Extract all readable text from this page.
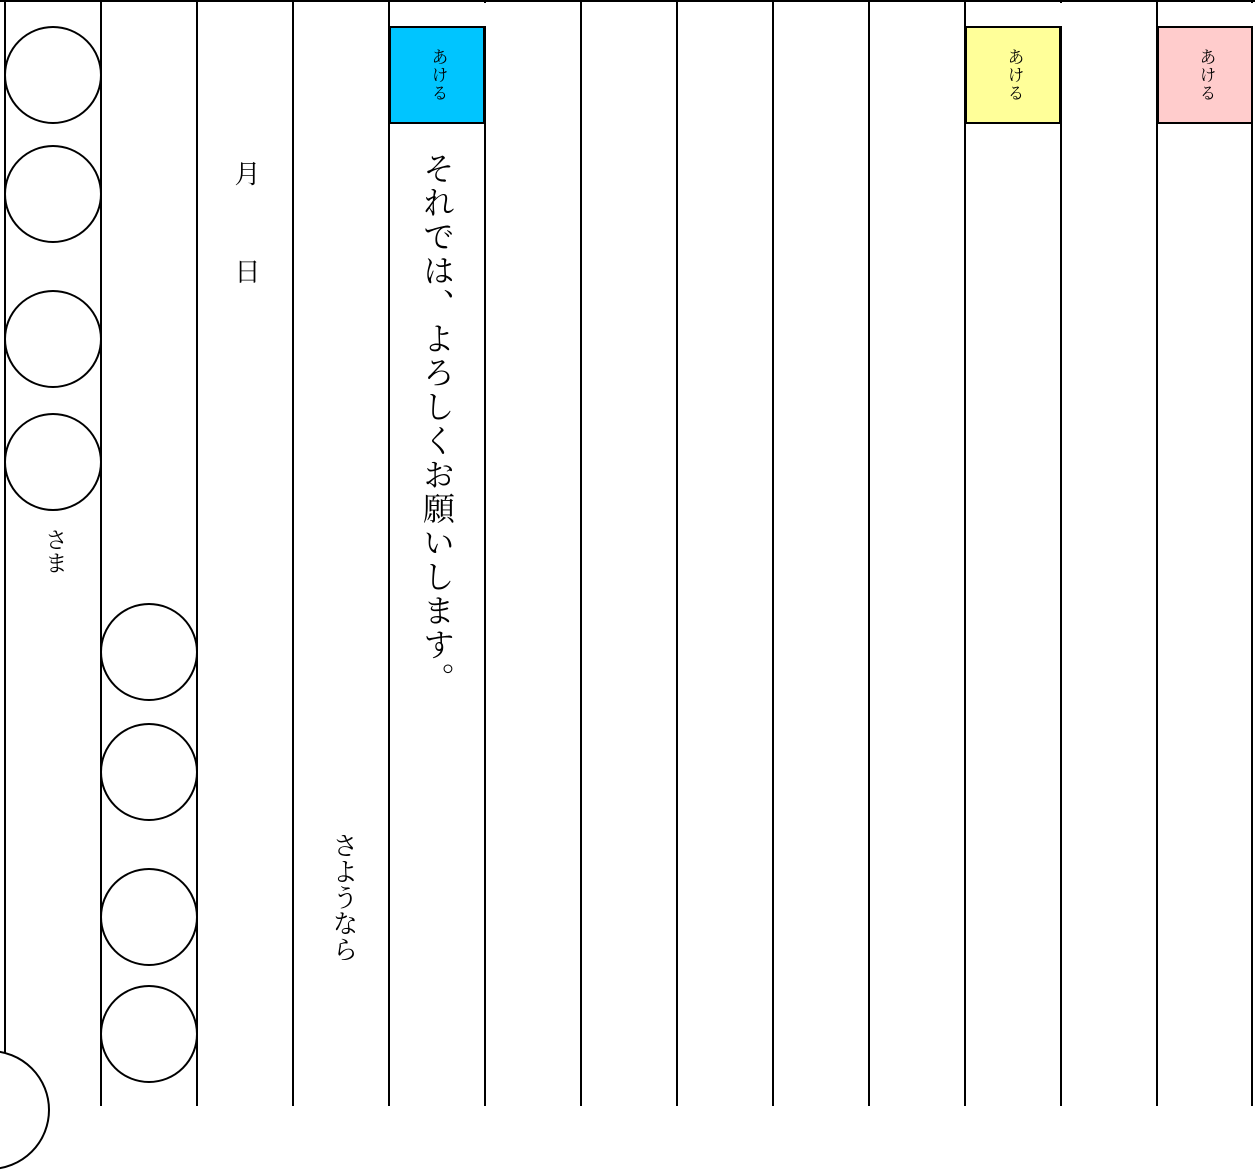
あける	あける	あける
さま
月
日
さようなら
それでは、よろしくお願いします。
